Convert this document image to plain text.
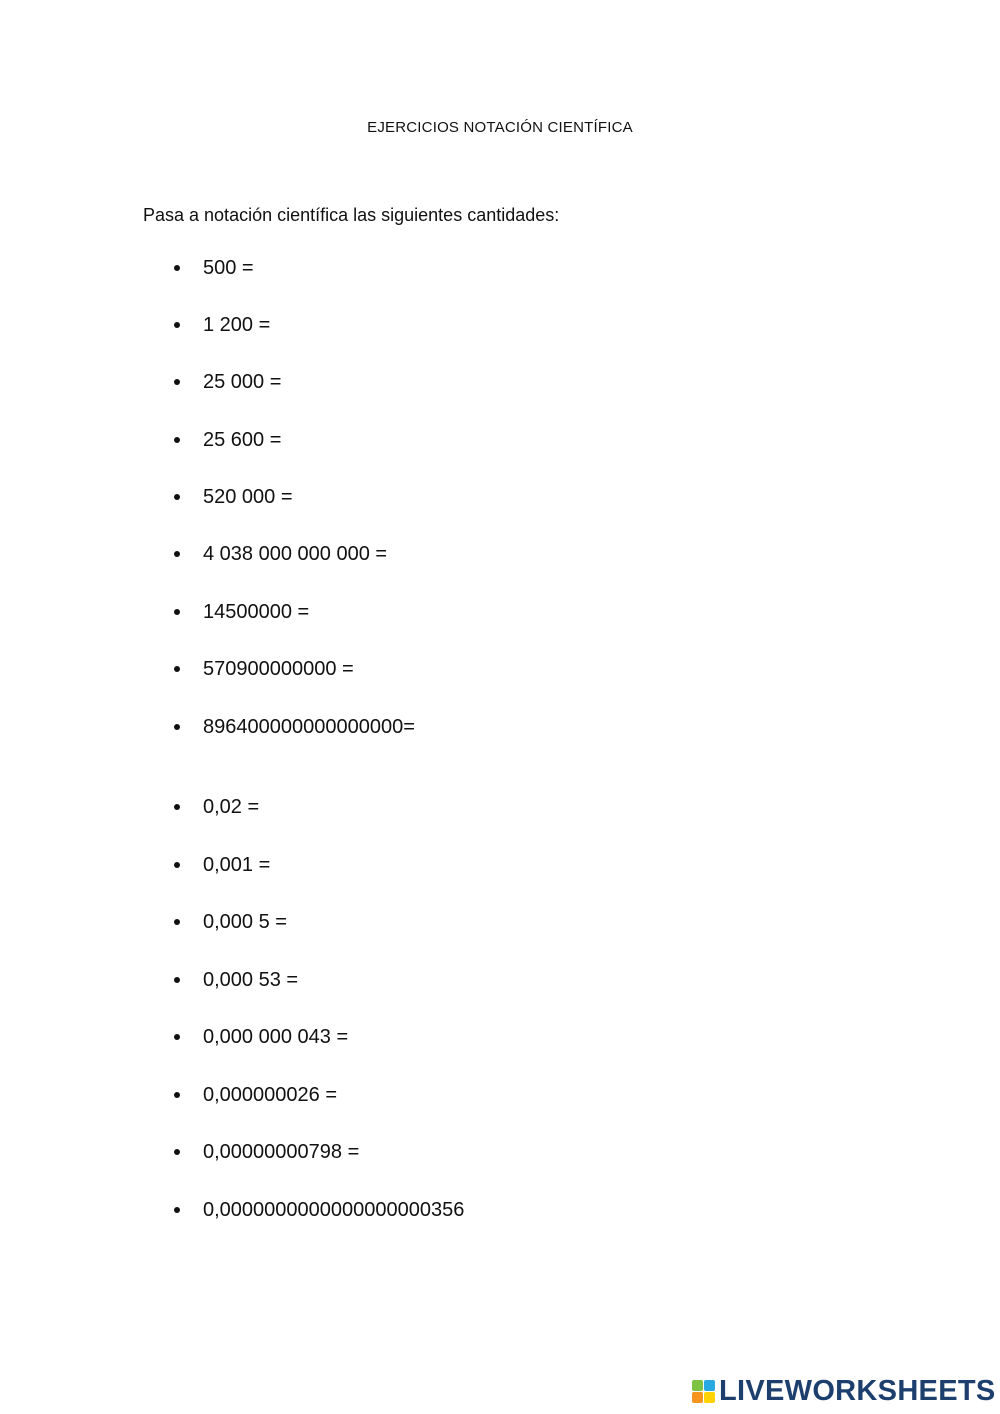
EJERCICIOS NOTACIÓN CIENTÍFICA
Pasa a notación científica las siguientes cantidades:
500 =
1 200 =
25 000 =
25 600 =
520 000 =
4 038 000 000 000 =
14500000 =
570900000000 =
896400000000000000=
0,02 =
0,001 =
0,000 5 =
0,000 53 =
0,000 000 043 =
0,000000026 =
0,00000000798 =
0,0000000000000000000356
LIVEWORKSHEETS
